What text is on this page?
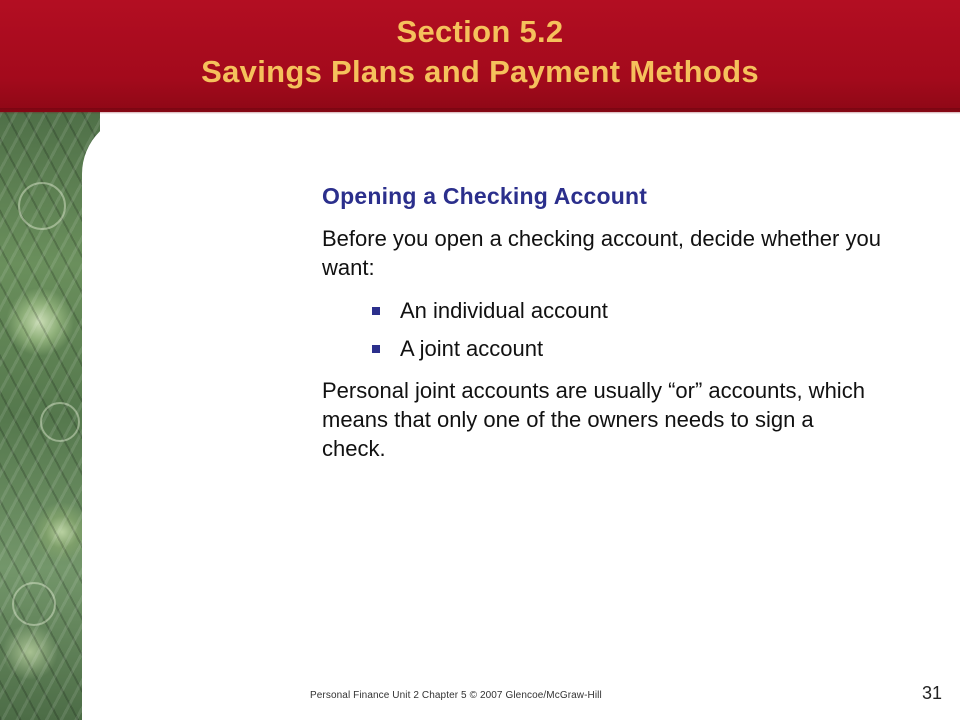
Section 5.2
Savings Plans and Payment Methods
Opening a Checking Account

Before you open a checking account, decide whether you want:

An individual account
A joint account

Personal joint accounts are usually “or” accounts, which means that only one of the owners needs to sign a check.

Personal Finance Unit 2 Chapter 5 © 2007 Glencoe/McGraw-Hill	31
